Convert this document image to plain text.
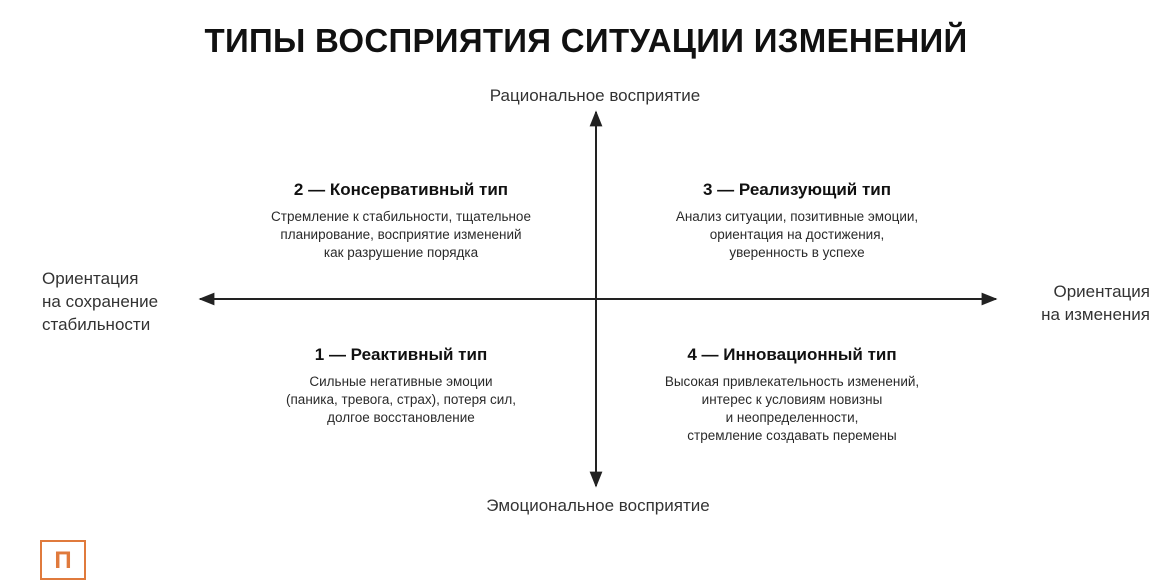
ТИПЫ ВОСПРИЯТИЯ СИТУАЦИИ ИЗМЕНЕНИЙ
Рациональное восприятие
Эмоциональное восприятие
Ориентация
на сохранение
стабильности
Ориентация
на изменения
2 — Консервативный тип
Стремление к стабильности, тщательное
планирование, восприятие изменений
как разрушение порядка
3 — Реализующий тип
Анализ ситуации, позитивные эмоции,
ориентация на достижения,
уверенность в успехе
1 — Реактивный тип
Сильные негативные эмоции
(паника, тревога, страх), потеря сил,
долгое восстановление
4 — Инновационный тип
Высокая привлекательность изменений,
интерес к условиям новизны
и неопределенности,
стремление создавать перемены
П
